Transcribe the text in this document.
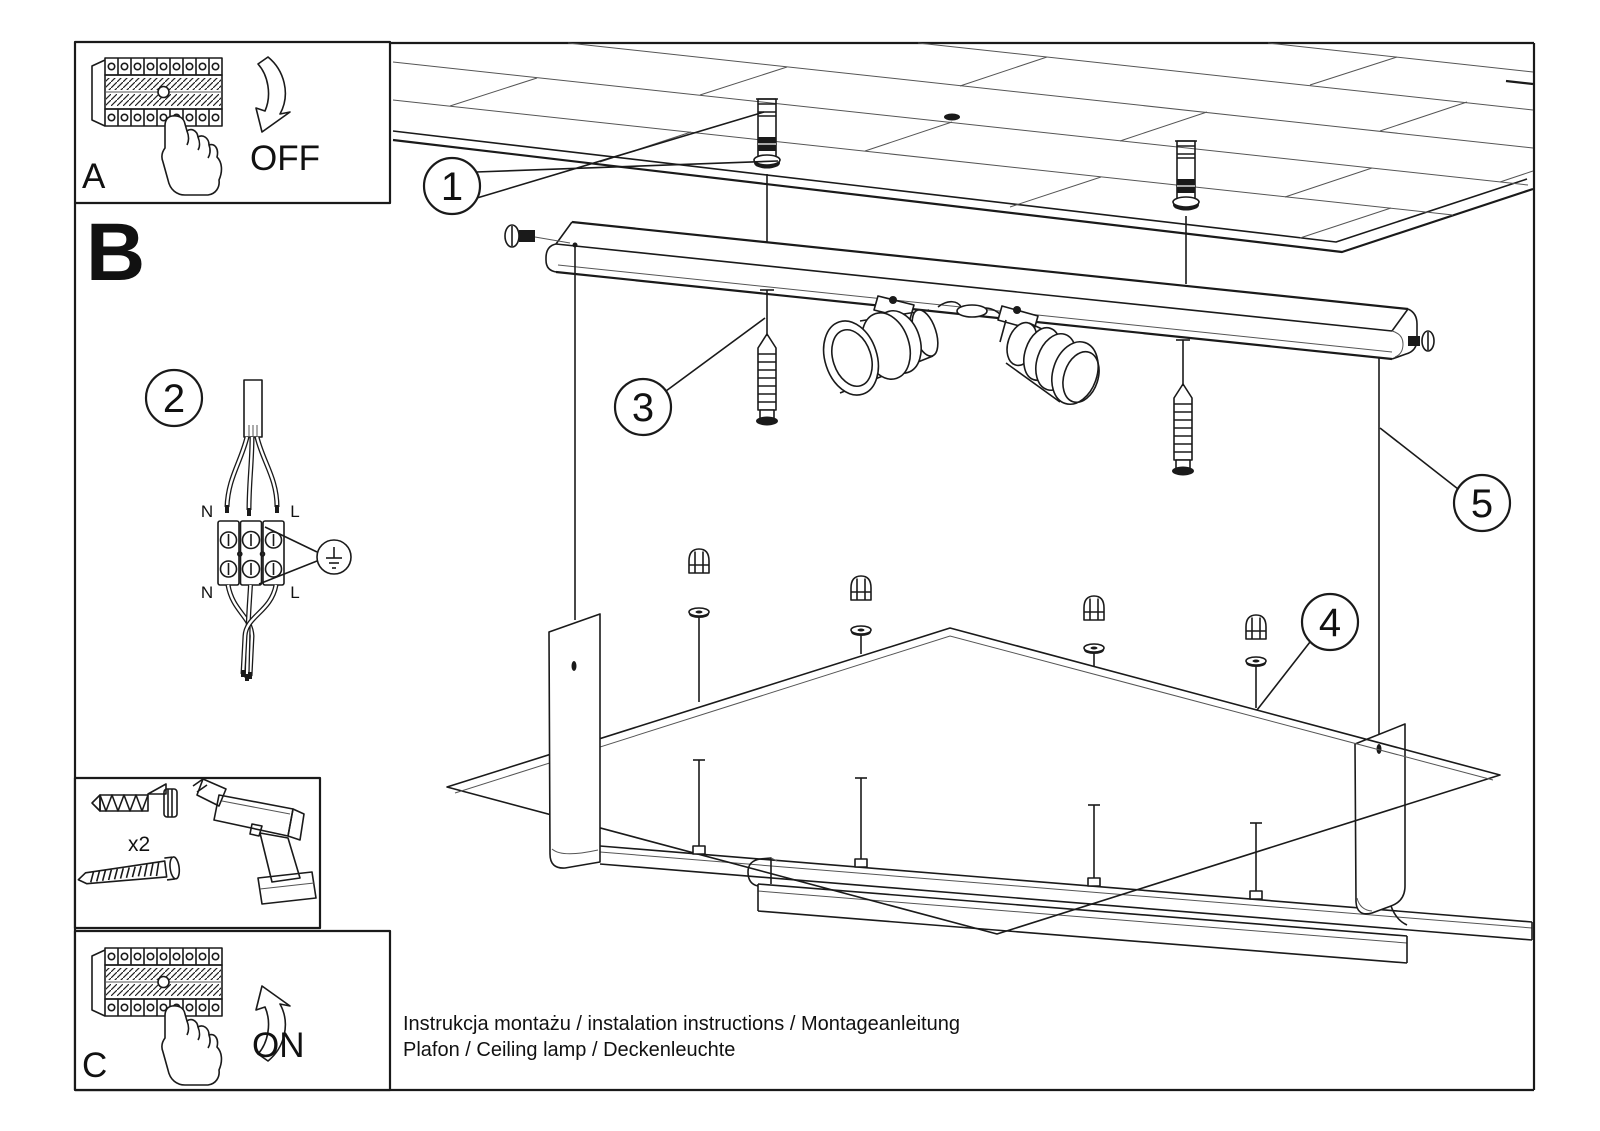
A	OFF
B
2
N	L
N	L
x2
C
ON
1
3
4
5
Instrukcja montażu / instalation instructions / Montageanleitung
Plafon / Ceiling lamp / Deckenleuchte
